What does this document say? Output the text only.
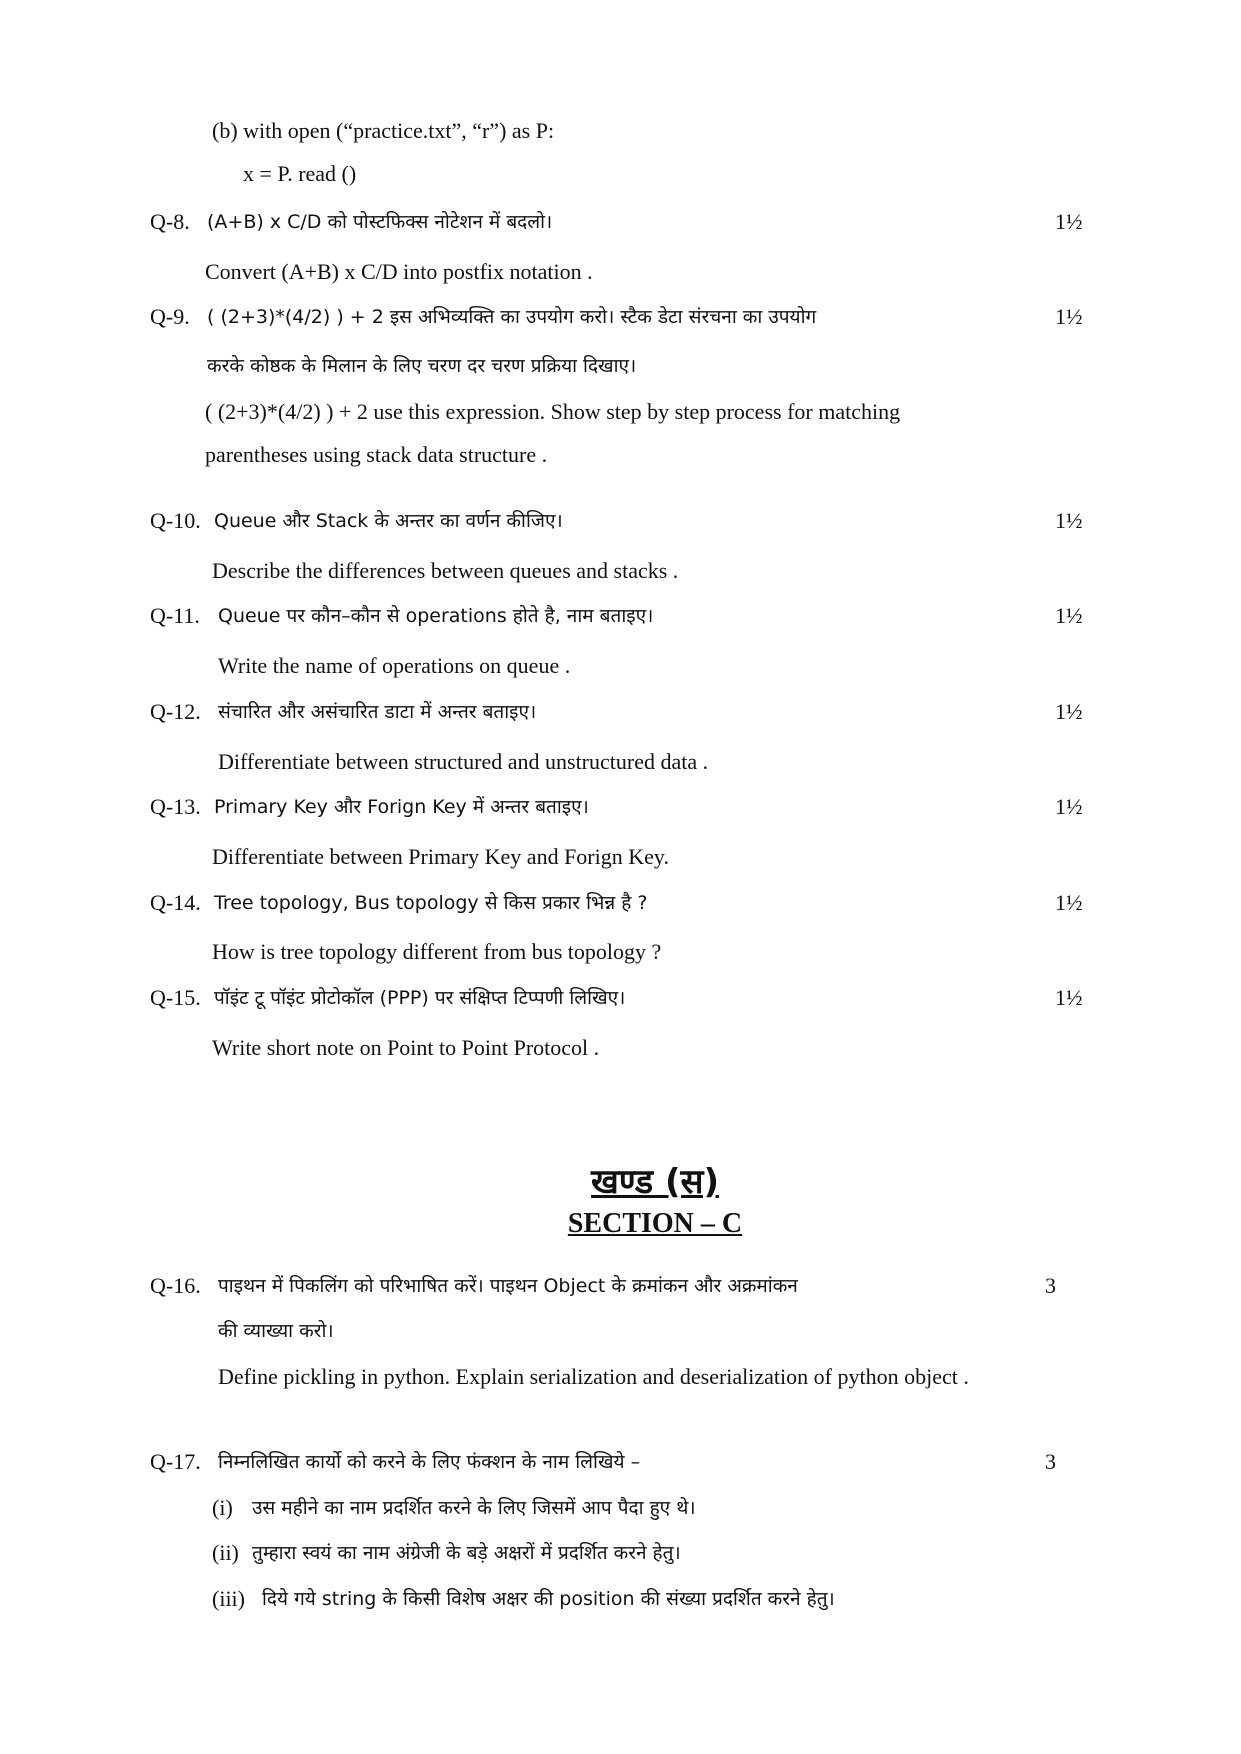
(b) with open (“practice.txt”, “r”) as P:
x = P. read ()
Q-8. (A+B) x C/D को पोस्टफिक्स नोटेशन में बदलो।	1½
Convert (A+B) x C/D into postfix notation .
Q-9. ( (2+3)*(4/2) ) + 2 इस अभिव्यक्ति का उपयोग करो। स्टैक डेटा संरचना का उपयोग	1½
करके कोष्ठक के मिलान के लिए चरण दर चरण प्रक्रिया दिखाए।
( (2+3)*(4/2) ) + 2 use this expression. Show step by step process for matching
parentheses using stack data structure .
Q-10. Queue और Stack के अन्तर का वर्णन कीजिए।	1½
Describe the differences between queues and stacks .
Q-11. Queue पर कौन–कौन से operations होते है, नाम बताइए।	1½
Write the name of operations on queue .
Q-12. संचारित और असंचारित डाटा में अन्तर बताइए।	1½
Differentiate between structured and unstructured data .
Q-13. Primary Key और Forign Key में अन्तर बताइए।	1½
Differentiate between Primary Key and Forign Key.
Q-14. Tree topology, Bus topology से किस प्रकार भिन्न है ?	1½
How is tree topology different from bus topology ?
Q-15. पॉइंट टू पॉइंट प्रोटोकॉल (PPP) पर संक्षिप्त टिप्पणी लिखिए।	1½
Write short note on Point to Point Protocol .
खण्ड (स)
SECTION – C
Q-16. पाइथन में पिकलिंग को परिभाषित करें। पाइथन Object के क्रमांकन और अक्रमांकन	3
की व्याख्या करो।
Define pickling in python. Explain serialization and deserialization of python object .
Q-17. निम्नलिखित कार्यो को करने के लिए फंक्शन के नाम लिखिये –	3
(i) उस महीने का नाम प्रदर्शित करने के लिए जिसमें आप पैदा हुए थे।
(ii) तुम्हारा स्वयं का नाम अंग्रेजी के बड़े अक्षरों में प्रदर्शित करने हेतु।
(iii) दिये गये string के किसी विशेष अक्षर की position की संख्या प्रदर्शित करने हेतु।
